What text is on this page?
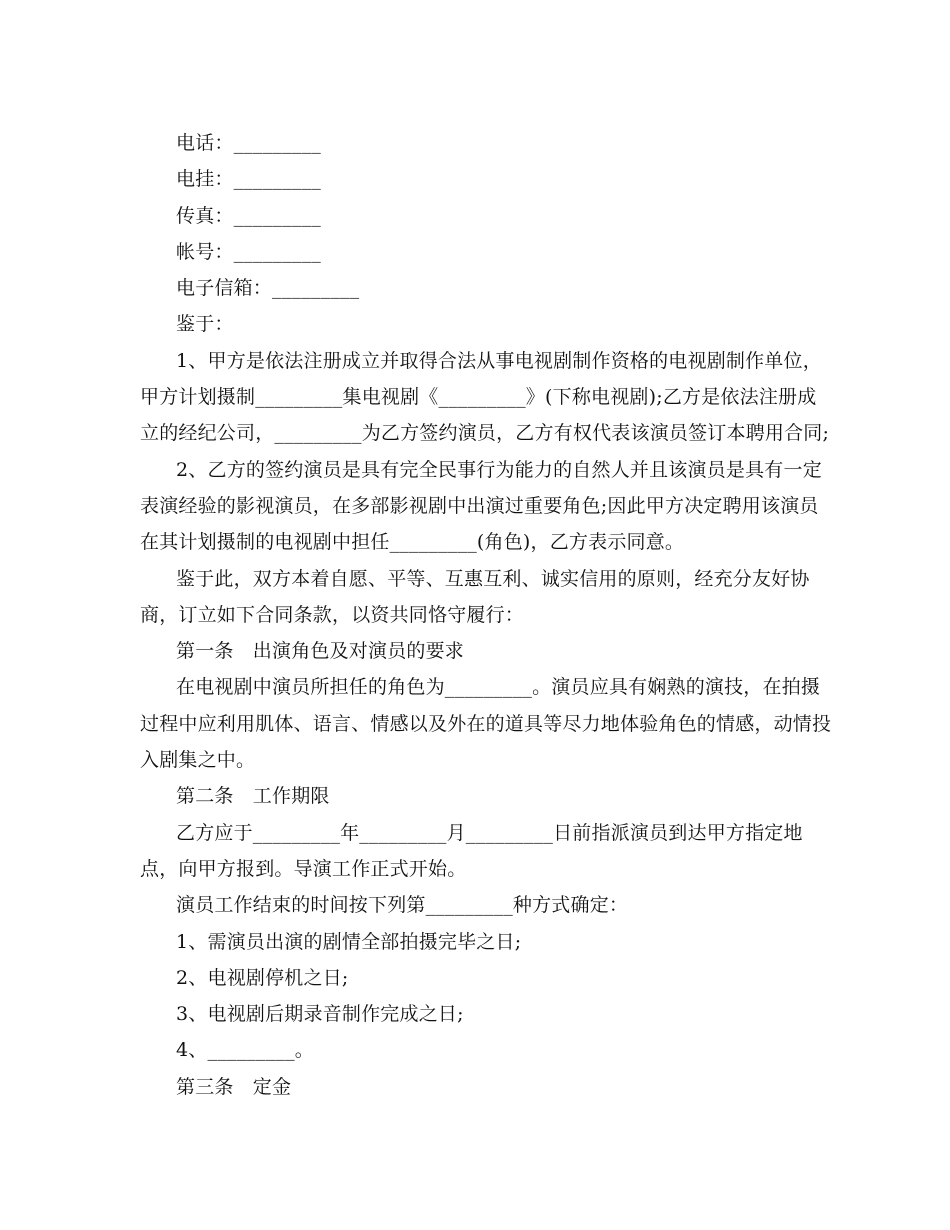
电话：_________
电挂：_________
传真：_________
帐号：_________
电子信箱：_________
鉴于：
1、甲方是依法注册成立并取得合法从事电视剧制作资格的电视剧制作单位，
甲方计划摄制_________集电视剧《_________》(下称电视剧);乙方是依法注册成
立的经纪公司，_________为乙方签约演员，乙方有权代表该演员签订本聘用合同;
2、乙方的签约演员是具有完全民事行为能力的自然人并且该演员是具有一定
表演经验的影视演员，在多部影视剧中出演过重要角色;因此甲方决定聘用该演员
在其计划摄制的电视剧中担任_________(角色)，乙方表示同意。
鉴于此，双方本着自愿、平等、互惠互利、诚实信用的原则，经充分友好协
商，订立如下合同条款，以资共同恪守履行：
第一条　出演角色及对演员的要求
在电视剧中演员所担任的角色为_________。演员应具有娴熟的演技，在拍摄
过程中应利用肌体、语言、情感以及外在的道具等尽力地体验角色的情感，动情投
入剧集之中。
第二条　工作期限
乙方应于_________年_________月_________日前指派演员到达甲方指定地
点，向甲方报到。导演工作正式开始。
演员工作结束的时间按下列第_________种方式确定：
1、需演员出演的剧情全部拍摄完毕之日;
2、电视剧停机之日;
3、电视剧后期录音制作完成之日;
4、_________。
第三条　定金
